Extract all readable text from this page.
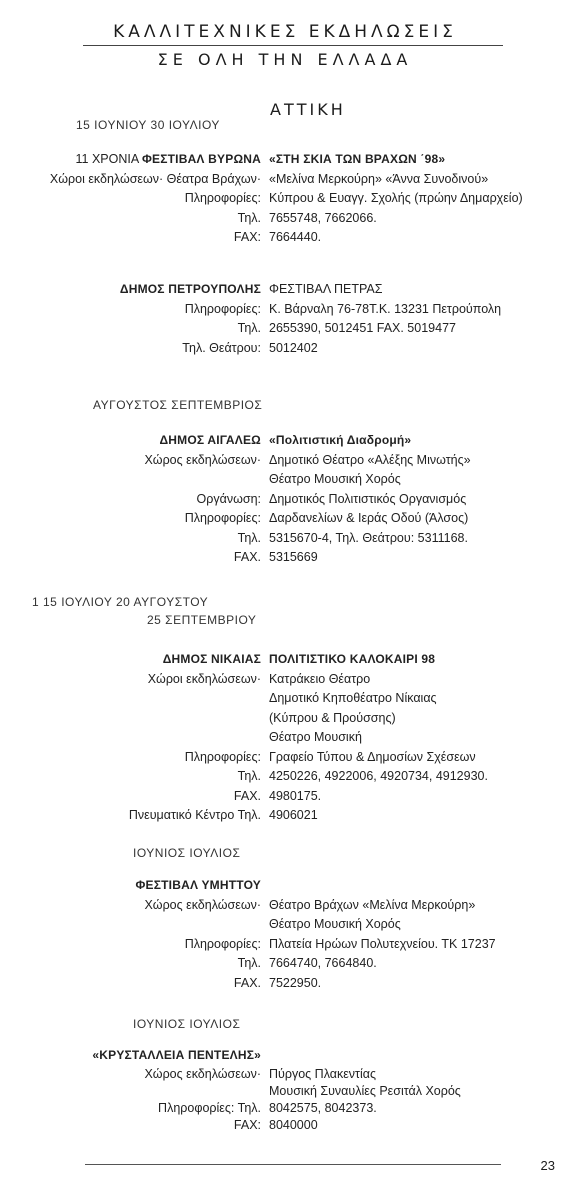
ΚΑΛΛΙΤΕΧΝΙΚΕΣ ΕΚΔΗΛΩΣΕΙΣ
ΣΕ ΟΛΗ ΤΗΝ ΕΛΛΑΔΑ
ΑΤΤΙΚΗ
15 ΙΟΥΝΙΟΥ 30 ΙΟΥΛΙΟΥ
ΑΥΓΟΥΣΤΟΣ ΣΕΠΤΕΜΒΡΙΟΣ
1 15 ΙΟΥΛΙΟΥ 20 ΑΥΓΟΥΣΤΟΥ
25 ΣΕΠΤΕΜΒΡΙΟΥ
ΙΟΥΝΙΟΣ ΙΟΥΛΙΟΣ
ΙΟΥΝΙΟΣ ΙΟΥΛΙΟΣ
11 ΧΡΟΝΙΑ ΦΕΣΤΙΒΑΛ ΒΥΡΩΝΑ «ΣΤΗ ΣΚΙΑ ΤΩΝ ΒΡΑΧΩΝ ΄98»
Χώροι εκδηλώσεων· Θέατρα Βράχων· «Μελίνα Μερκούρη» «Άννα Συνοδινού»
Πληροφορίες: Κύπρου & Ευαγγ. Σχολής (πρώην Δημαρχείο)
Τηλ. 7655748, 7662066.
FAX: 7664440.
ΔΗΜΟΣ ΠΕΤΡΟΥΠΟΛΗΣ ΦΕΣΤΙΒΑΛ ΠΕΤΡΑΣ
Πληροφορίες: Κ. Βάρναλη 76-78Τ.Κ. 13231 Πετρούπολη
Τηλ. 2655390, 5012451 FAX. 5019477
Τηλ. Θεάτρου: 5012402
ΔΗΜΟΣ ΑΙΓΑΛΕΩ «Πολιτιστική Διαδρομή»
Χώρος εκδηλώσεων· Δημοτικό Θέατρο «Αλέξης Μινωτής»
Θέατρο Μουσική Χορός
Οργάνωση: Δημοτικός Πολιτιστικός Οργανισμός
Πληροφορίες: Δαρδανελίων & Ιεράς Οδού (Άλσος)
Τηλ. 5315670-4, Τηλ. Θεάτρου: 5311168.
FAX. 5315669
ΔΗΜΟΣ ΝΙΚΑΙΑΣ ΠΟΛΙΤΙΣΤΙΚΟ ΚΑΛΟΚΑΙΡΙ 98
Χώροι εκδηλώσεων· Κατράκειο Θέατρο
Δημοτικό Κηποθέατρο Νίκαιας
(Κύπρου & Προύσσης)
Θέατρο Μουσική
Πληροφορίες: Γραφείο Τύπου & Δημοσίων Σχέσεων
Τηλ. 4250226, 4922006, 4920734, 4912930.
FAX. 4980175.
Πνευματικό Κέντρο Τηλ. 4906021
ΦΕΣΤΙΒΑΛ ΥΜΗΤΤΟΥ
Χώρος εκδηλώσεων· Θέατρο Βράχων «Μελίνα Μερκούρη»
Θέατρο Μουσική Χορός
Πληροφορίες: Πλατεία Ηρώων Πολυτεχνείου. ΤΚ 17237
Τηλ. 7664740, 7664840.
FAX. 7522950.
«ΚΡΥΣΤΑΛΛΕΙΑ ΠΕΝΤΕΛΗΣ»
Χώρος εκδηλώσεων· Πύργος Πλακεντίας
Μουσική Συναυλίες Ρεσιτάλ Χορός
Πληροφορίες: Τηλ. 8042575, 8042373.
FAX: 8040000
23
